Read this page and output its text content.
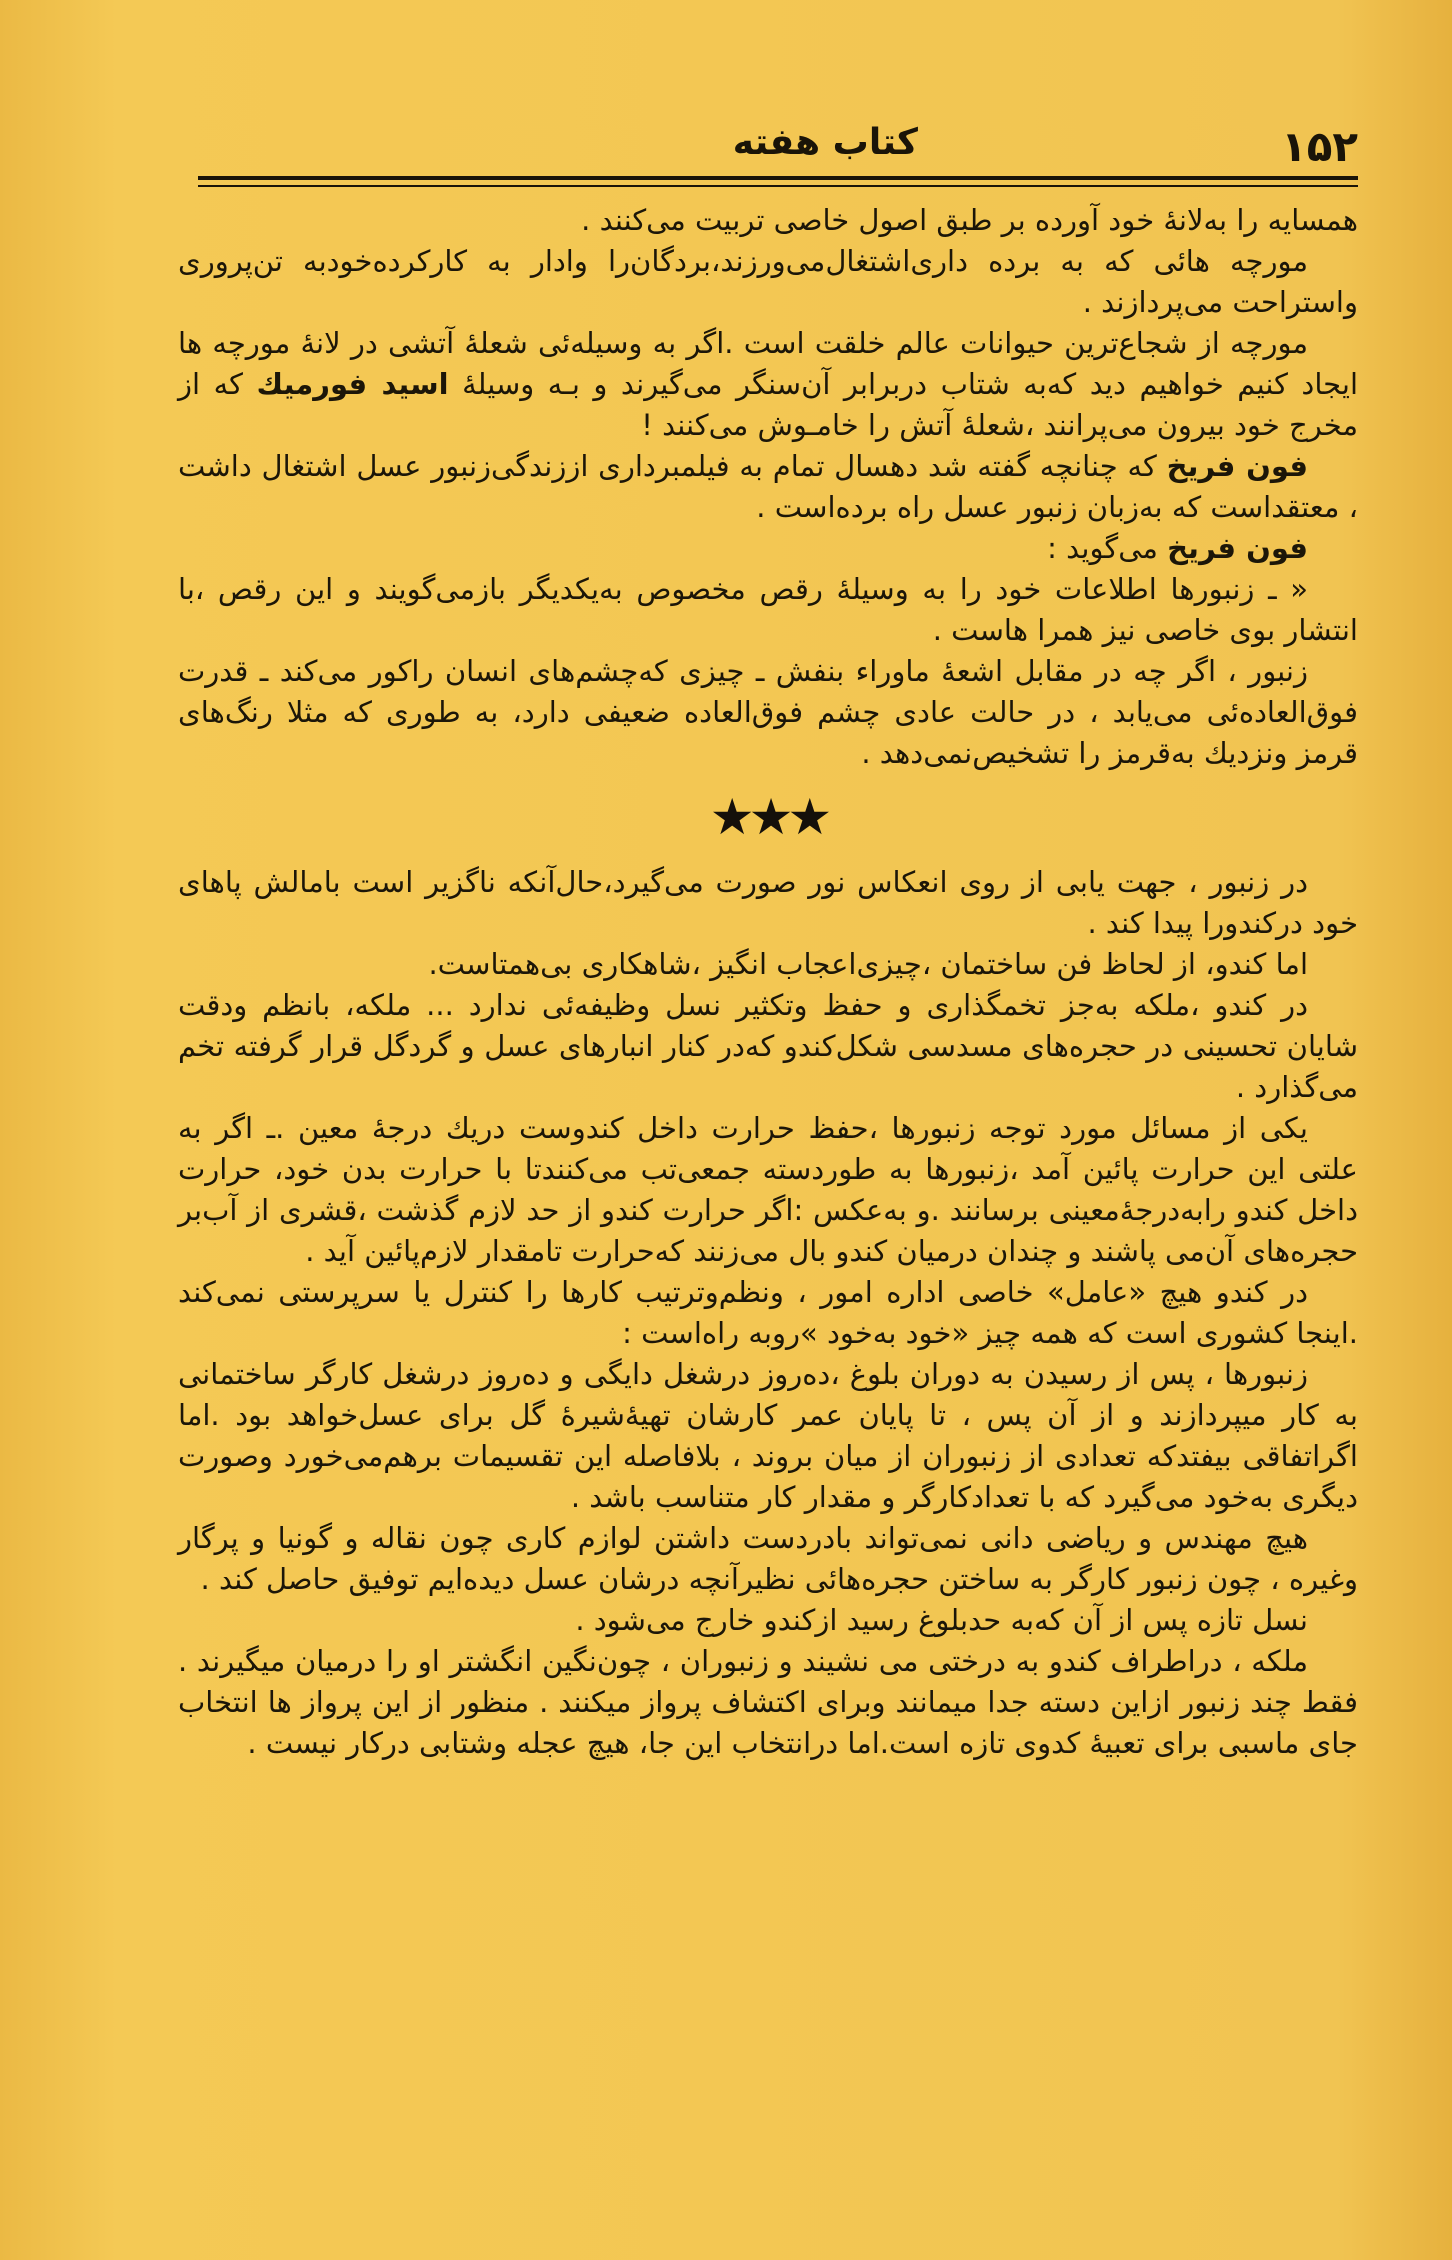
۱۵۲
کتاب هفته

همسایه را به‌لانهٔ خود آورده بر طبق اصول خاصی تربیت می‌کنند .

مورچه هائی که به برده داری‌اشتغال‌می‌ورزند،بردگان‌را وادار به کارکرده‌خودبه تن‌پروری واستراحت می‌پردازند .

مورچه از شجاع‌ترین حیوانات عالم خلقت است .اگر به وسیله‌ئی شعلهٔ آتشی در لانهٔ مورچه ها ایجاد کنیم خواهیم دید که‌به شتاب دربرابر آن‌سنگر می‌گیرند و بـه وسیلهٔ اسید فورمیك که از مخرج خود بیرون می‌پرانند ،شعلهٔ آتش را خامـوش می‌کنند !

فون فریخ که چنانچه گفته شد دهسال تمام به فیلمبرداری اززندگی‌زنبور عسل اشتغال داشت ، معتقداست که به‌زبان زنبور عسل راه برده‌است .

فون فریخ می‌گوید :

« ـ زنبورها اطلاعات خود را به وسیلهٔ رقص مخصوص به‌یکدیگر بازمی‌گویند و این رقص ،با انتشار بوی خاصی نیز همرا ‌هاست .

زنبور ، اگر چه در مقابل اشعهٔ ماوراء بنفش ـ چیزی که‌چشم‌های انسان راکور می‌کند ـ قدرت فوق‌العاده‌ئی می‌یابد ، در حالت عادی چشم فوق‌العاده ضعیفی دارد، به طوری که مثلا رنگ‌های قرمز ونزدیك به‌قرمز را تشخیص‌نمی‌دهد .

★★★

در زنبور ، جهت یابی از روی انعکاس نور صورت می‌گیرد،حال‌آنکه ناگزیر است بامالش پاهای خود درکندورا پیدا کند .

اما کندو، از لحاظ فن ساختمان ،چیزی‌اعجاب انگیز ،شاهکاری بی‌همتاست.

در کندو ،ملکه به‌جز تخمگذاری و حفظ وتکثیر نسل وظیفه‌ئی ندارد ... ملکه، بانظم ودقت شایان تحسینی در حجره‌های مسدسی شکل‌کندو که‌در کنار انبارهای عسل و گردگل قرار گرفته تخم می‌گذارد .

یکی از مسائل مورد توجه زنبورها ،حفظ حرارت داخل کندوست دریك درجهٔ معین .ـ اگر به علتی این حرارت پائین آمد ،زنبورها به طوردسته جمعی‌تب می‌کنندتا با حرارت بدن خود، حرارت داخل کندو رابه‌درجهٔ‌معینی برسانند .و به‌عکس :اگر حرارت کندو از حد لازم گذشت ،قشری از آب‌بر حجره‌های آن‌می پاشند و چندان درمیان کندو بال می‌زنند که‌حرارت تامقدار لازم‌پائین آید .

در کندو هیچ «عامل» خاصی اداره امور ، ونظم‌وترتیب کارها را کنترل یا سرپرستی نمی‌کند .اینجا کشوری است که همه چیز «خود به‌خود »روبه راه‌است :

زنبورها ، پس از رسیدن به دوران بلوغ ،ده‌روز درشغل دایگی و ده‌روز درشغل کارگر ساختمانی به کار میپردازند و از آن پس ، تا پایان عمر کارشان تهیهٔ‌شیرهٔ گل برای عسل‌خواهد بود .اما اگراتفاقی بیفتدکه تعدادی از زنبوران از میان بروند ، بلافاصله این تقسیمات برهم‌می‌خورد وصورت دیگری به‌خود می‌گیرد که با تعدادکارگر و مقدار کار متناسب باشد .

هیچ مهندس و ریاضی دانی نمی‌تواند بادردست داشتن لوازم کاری چون نقاله و گونیا و پرگار وغیره ، چون زنبور کارگر به ساختن حجره‌هائی نظیرآنچه درشان عسل دیده‌ایم توفیق حاصل کند .

نسل تازه پس از آن که‌به حدبلوغ رسید ازکندو خارج می‌شود .

ملکه ، دراطراف کندو به درختی می نشیند و زنبوران ، چون‌نگین انگشتر او را درمیان میگیرند . فقط چند زنبور ازاین دسته جدا میمانند وبرای اکتشاف پرواز میکنند . منظور از این پرواز ها انتخاب جای ماسبی برای تعبیهٔ کدوی تازه است.اما درانتخاب این جا، هیچ عجله وشتابی درکار نیست .
